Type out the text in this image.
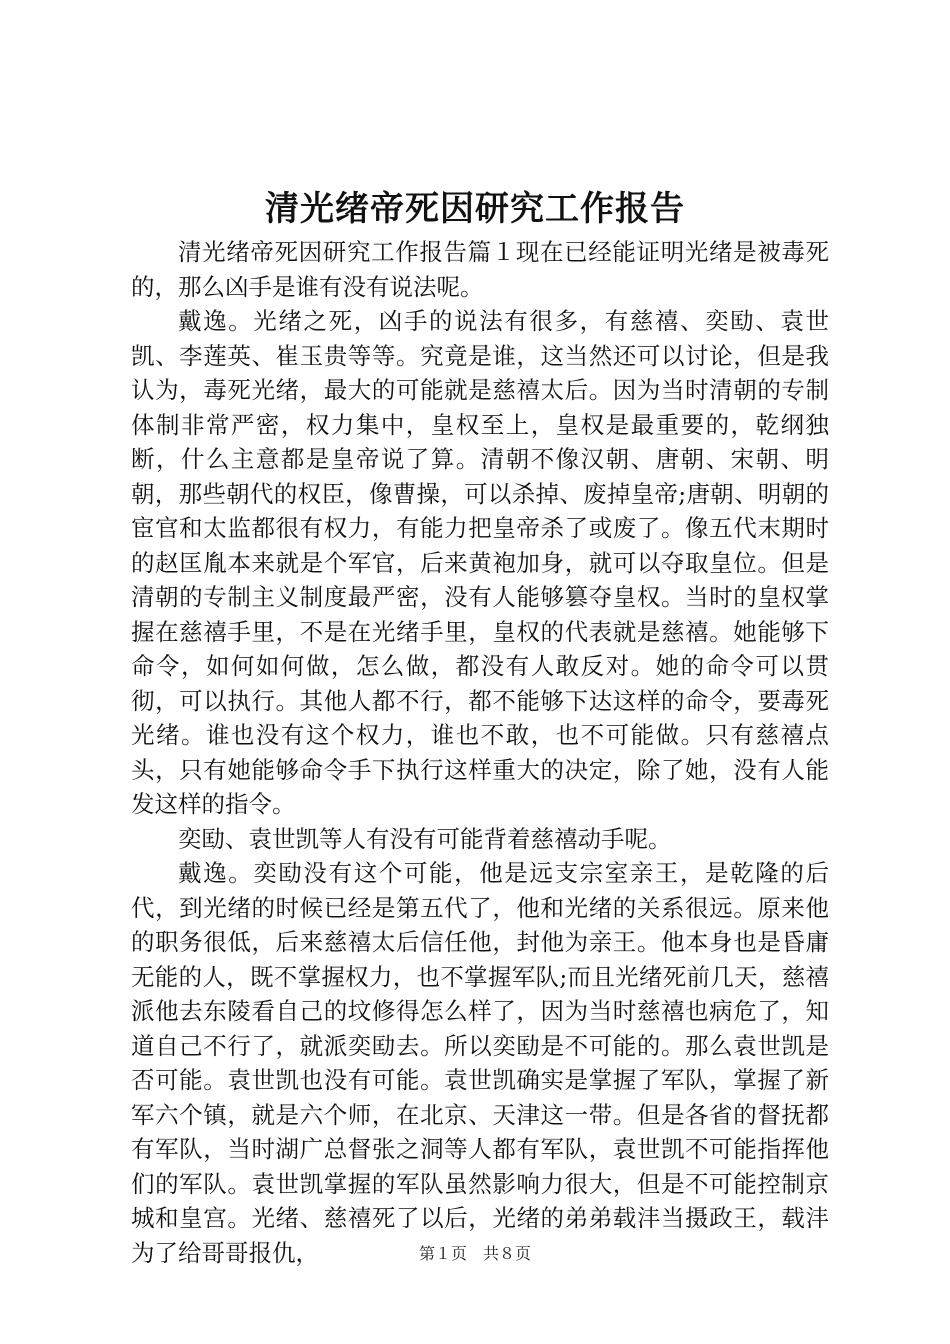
清光绪帝死因研究工作报告

清光绪帝死因研究工作报告篇１现在已经能证明光绪是被毒死的，那么凶手是谁有没有说法呢。

戴逸。光绪之死，凶手的说法有很多，有慈禧、奕劻、袁世凯、李莲英、崔玉贵等等。究竟是谁，这当然还可以讨论，但是我认为，毒死光绪，最大的可能就是慈禧太后。因为当时清朝的专制体制非常严密，权力集中，皇权至上，皇权是最重要的，乾纲独断，什么主意都是皇帝说了算。清朝不像汉朝、唐朝、宋朝、明朝，那些朝代的权臣，像曹操，可以杀掉、废掉皇帝;唐朝、明朝的宦官和太监都很有权力，有能力把皇帝杀了或废了。像五代末期时的赵匡胤本来就是个军官，后来黄袍加身，就可以夺取皇位。但是清朝的专制主义制度最严密，没有人能够篡夺皇权。当时的皇权掌握在慈禧手里，不是在光绪手里，皇权的代表就是慈禧。她能够下命令，如何如何做，怎么做，都没有人敢反对。她的命令可以贯彻，可以执行。其他人都不行，都不能够下达这样的命令，要毒死光绪。谁也没有这个权力，谁也不敢，也不可能做。只有慈禧点头，只有她能够命令手下执行这样重大的决定，除了她，没有人能发这样的指令。

奕劻、袁世凯等人有没有可能背着慈禧动手呢。

戴逸。奕劻没有这个可能，他是远支宗室亲王，是乾隆的后代，到光绪的时候已经是第五代了，他和光绪的关系很远。原来他的职务很低，后来慈禧太后信任他，封他为亲王。他本身也是昏庸无能的人，既不掌握权力，也不掌握军队;而且光绪死前几天，慈禧派他去东陵看自己的坟修得怎么样了，因为当时慈禧也病危了，知道自己不行了，就派奕劻去。所以奕劻是不可能的。那么袁世凯是否可能。袁世凯也没有可能。袁世凯确实是掌握了军队，掌握了新军六个镇，就是六个师，在北京、天津这一带。但是各省的督抚都有军队，当时湖广总督张之洞等人都有军队，袁世凯不可能指挥他们的军队。袁世凯掌握的军队虽然影响力很大，但是不可能控制京城和皇宫。光绪、慈禧死了以后，光绪的弟弟载沣当摄政王，载沣为了给哥哥报仇，	第１页　共８页
